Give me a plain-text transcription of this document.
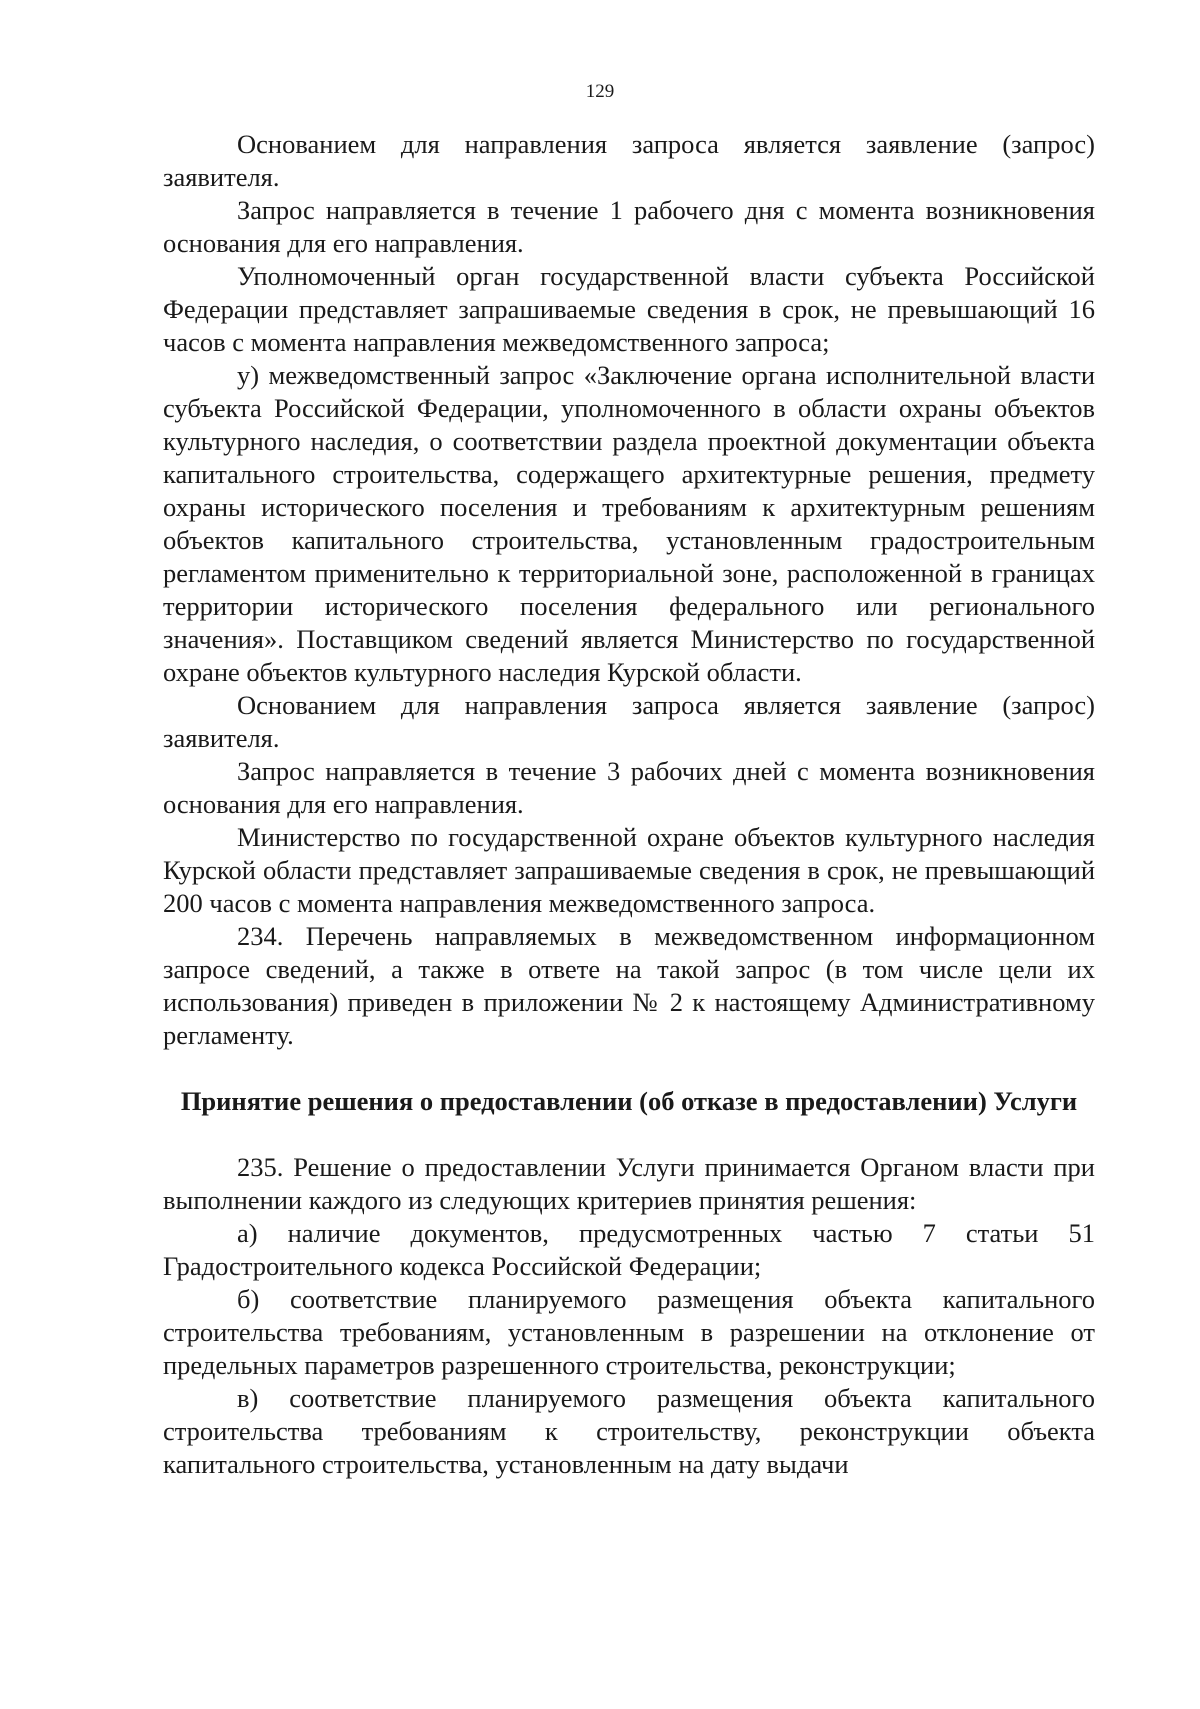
129

Основанием для направления запроса является заявление (запрос) заявителя.

Запрос направляется в течение 1 рабочего дня с момента возникновения основания для его направления.

Уполномоченный орган государственной власти субъекта Российской Федерации представляет запрашиваемые сведения в срок, не превышающий 16 часов с момента направления межведомственного запроса;

у) межведомственный запрос «Заключение органа исполнительной власти субъекта Российской Федерации, уполномоченного в области охраны объектов культурного наследия, о соответствии раздела проектной документации объекта капитального строительства, содержащего архитектурные решения, предмету охраны исторического поселения и требованиям к архитектурным решениям объектов капитального строительства, установленным градостроительным регламентом применительно к территориальной зоне, расположенной в границах территории исторического поселения федерального или регионального значения». Поставщиком сведений является Министерство по государственной охране объектов культурного наследия Курской области.

Основанием для направления запроса является заявление (запрос) заявителя.

Запрос направляется в течение 3 рабочих дней с момента возникновения основания для его направления.

Министерство по государственной охране объектов культурного наследия Курской области представляет запрашиваемые сведения в срок, не превышающий 200 часов с момента направления межведомственного запроса.

234. Перечень направляемых в межведомственном информационном запросе сведений, а также в ответе на такой запрос (в том числе цели их использования) приведен в приложении № 2 к настоящему Административному регламенту.

Принятие решения о предоставлении (об отказе в предоставлении) Услуги

235. Решение о предоставлении Услуги принимается Органом власти при выполнении каждого из следующих критериев принятия решения:

а) наличие документов, предусмотренных частью 7 статьи 51 Градостроительного кодекса Российской Федерации;

б) соответствие планируемого размещения объекта капитального строительства требованиям, установленным в разрешении на отклонение от предельных параметров разрешенного строительства, реконструкции;

в) соответствие планируемого размещения объекта капитального строительства требованиям к строительству, реконструкции объекта капитального строительства, установленным на дату выдачи
